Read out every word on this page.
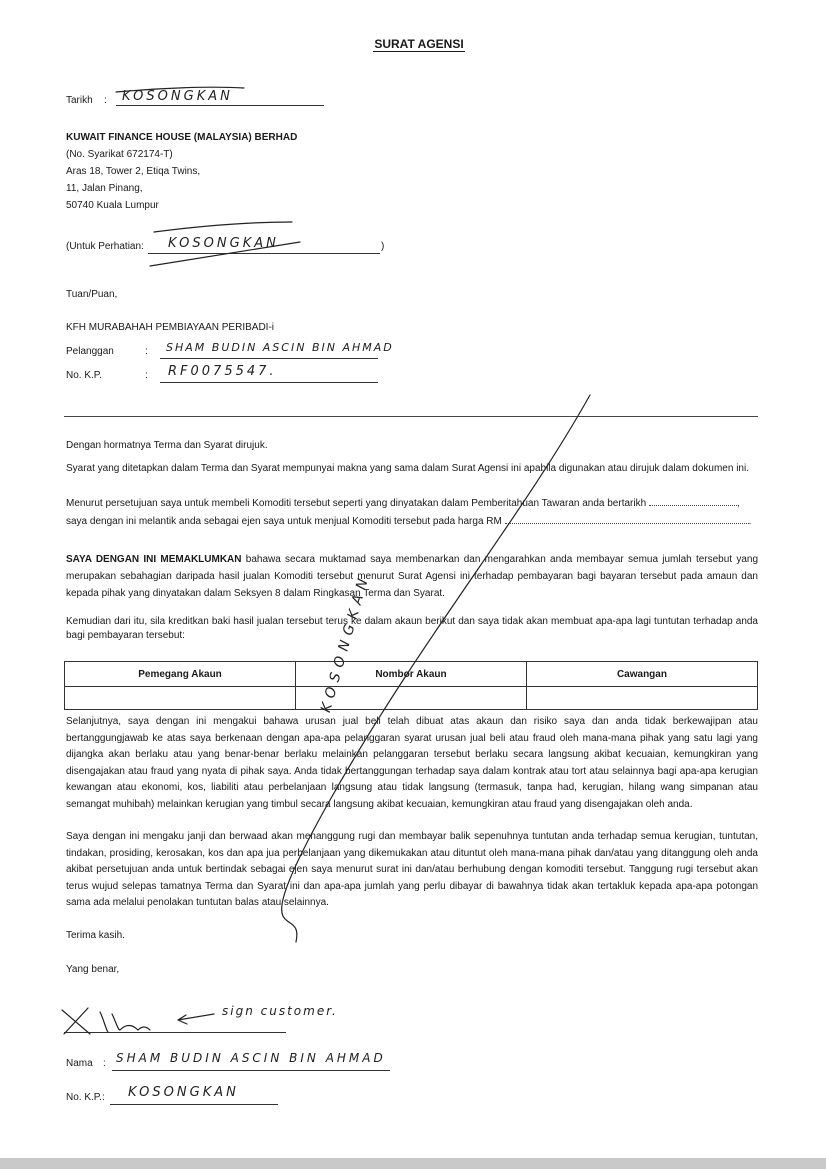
SURAT AGENSI
Tarikh : KOSONGKAN
KUWAIT FINANCE HOUSE (MALAYSIA) BERHAD
(No. Syarikat 672174-T)
Aras 18, Tower 2, Etiqa Twins,
11, Jalan Pinang,
50740 Kuala Lumpur
(Untuk Perhatian:	)
KOSONGKAN
Tuan/Puan,
KFH MURABAHAH PEMBIAYAAN PERIBADI-i
Pelanggan	: SHAM BUDIN ASCIN BIN AHMAD
No. K.P.	: RF0075547.

Dengan hormatnya Terma dan Syarat dirujuk.

Syarat yang ditetapkan dalam Terma dan Syarat mempunyai makna yang sama dalam Surat Agensi ini apabila digunakan atau dirujuk dalam dokumen ini.

Menurut persetujuan saya untuk membeli Komoditi tersebut seperti yang dinyatakan dalam Pemberitahuan Tawaran anda bertarikh	,
saya dengan ini melantik anda sebagai ejen saya untuk menjual Komoditi tersebut pada harga RM	.

SAYA DENGAN INI MEMAKLUMKAN bahawa secara muktamad saya membenarkan dan mengarahkan anda membayar semua jumlah tersebut yang merupakan sebahagian daripada hasil jualan Komoditi tersebut menurut Surat Agensi ini terhadap pembayaran bagi bayaran tersebut pada amaun dan kepada pihak yang dinyatakan dalam Seksyen 8 dalam Ringkasan Terma dan Syarat.

Kemudian dari itu, sila kreditkan baki hasil jualan tersebut terus ke dalam akaun berikut dan saya tidak akan membuat apa-apa lagi tuntutan terhadap anda bagi pembayaran tersebut:

Pemegang Akaun	Nombor Akaun	Cawangan

Selanjutnya, saya dengan ini mengakui bahawa urusan jual beli telah dibuat atas akaun dan risiko saya dan anda tidak berkewajipan atau bertanggungjawab ke atas saya berkenaan dengan apa-apa pelanggaran syarat urusan jual beli atau fraud oleh mana-mana pihak yang satu lagi yang dijangka akan berlaku atau yang benar-benar berlaku melainkan pelanggaran tersebut berlaku secara langsung akibat kecuaian, kemungkiran yang disengajakan atau fraud yang nyata di pihak saya. Anda tidak bertanggungan terhadap saya dalam kontrak atau tort atau selainnya bagi apa-apa kerugian kewangan atau ekonomi, kos, liabiliti atau perbelanjaan langsung atau tidak langsung (termasuk, tanpa had, kerugian, hilang wang simpanan atau semangat muhibah) melainkan kerugian yang timbul secara langsung akibat kecuaian, kemungkiran atau fraud yang disengajakan oleh anda.

Saya dengan ini mengaku janji dan berwaad akan menanggung rugi dan membayar balik sepenuhnya tuntutan anda terhadap semua kerugian, tuntutan, tindakan, prosiding, kerosakan, kos dan apa jua perbelanjaan yang dikemukakan atau dituntut oleh mana-mana pihak dan/atau yang ditanggung oleh anda akibat persetujuan anda untuk bertindak sebagai ejen saya menurut surat ini dan/atau berhubung dengan komoditi tersebut. Tanggung rugi tersebut akan terus wujud selepas tamatnya Terma dan Syarat ini dan apa-apa jumlah yang perlu dibayar di bawahnya tidak akan tertakluk kepada apa-apa potongan sama ada melalui penolakan tuntutan balas atau selainnya.

Terima kasih.
Yang benar,
sign customer.
Nama : SHAM BUDIN ASCIN BIN AHMAD
No. K.P.: KOSONGKAN
KOSONGKAN
